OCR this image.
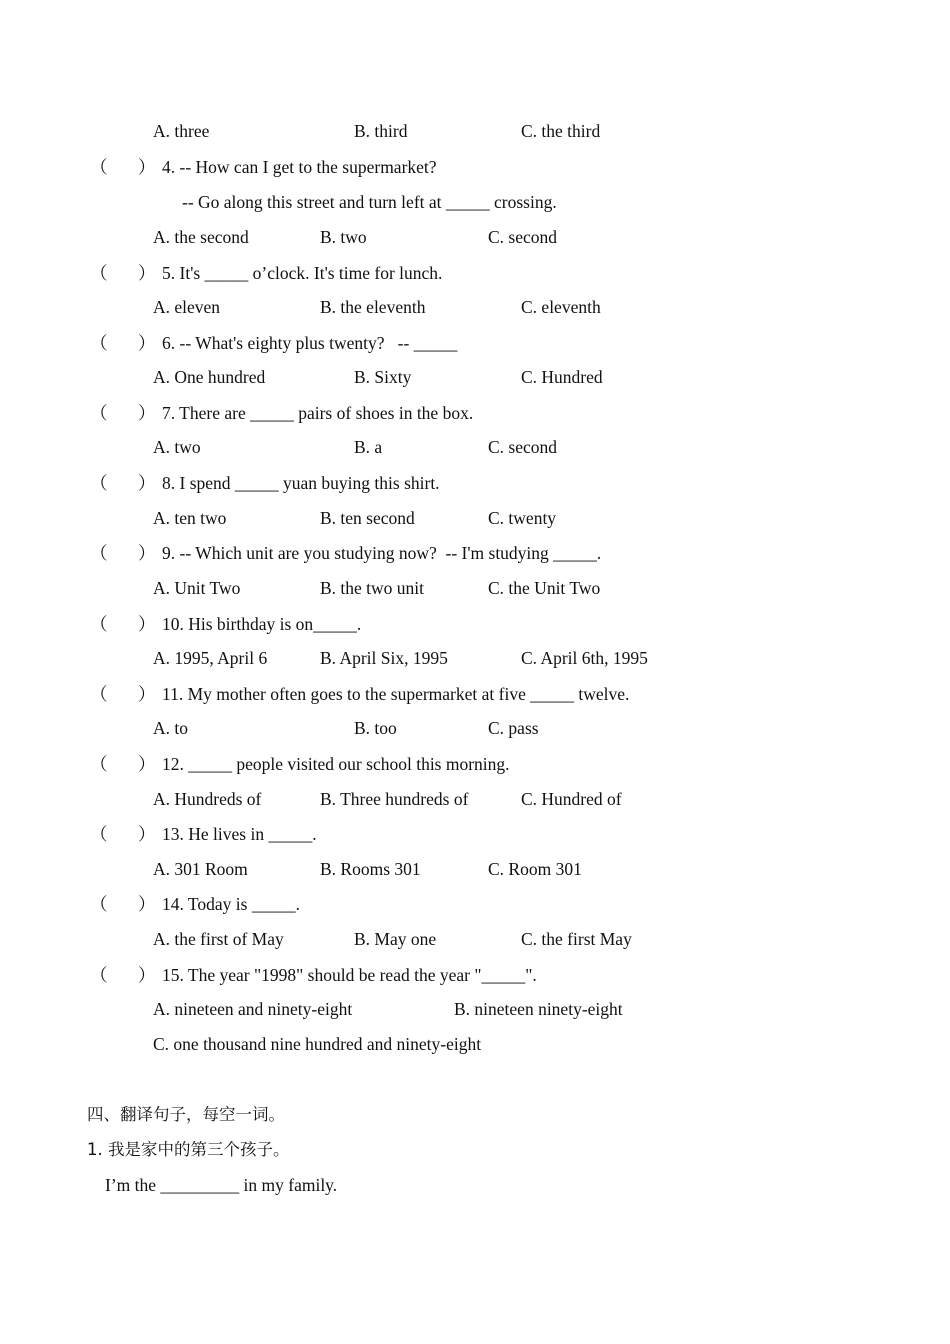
A. three	B. third	C. the third
（ ） 4. -- How can I get to the supermarket?
-- Go along this street and turn left at _____ crossing.
A. the second	B. two	C. second
（ ） 5. It's _____ o’clock. It's time for lunch.
A. eleven	B. the eleventh	C. eleventh
（ ） 6. -- What's eighty plus twenty?   -- _____
A. One hundred	B. Sixty	C. Hundred
（ ） 7. There are _____ pairs of shoes in the box.
A. two	B. a	C. second
（ ） 8. I spend _____ yuan buying this shirt.
A. ten two	B. ten second	C. twenty
（ ） 9. -- Which unit are you studying now?  -- I'm studying _____.
A. Unit Two	B. the two unit	C. the Unit Two
（ ） 10. His birthday is on_____.
A. 1995, April 6	B. April Six, 1995	C. April 6th, 1995
（ ） 11. My mother often goes to the supermarket at five _____ twelve.
A. to	B. too	C. pass
（ ） 12. _____ people visited our school this morning.
A. Hundreds of	B. Three hundreds of	C. Hundred of
（ ） 13. He lives in _____.
A. 301 Room	B. Rooms 301	C. Room 301
（ ） 14. Today is _____.
A. the first of May	B. May one	C. the first May
（ ） 15. The year "1998" should be read the year "_____".
A. nineteen and ninety-eight	B. nineteen ninety-eight
C. one thousand nine hundred and ninety-eight
四、翻译句子，每空一词。
1. 我是家中的第三个孩子。
I’m the _________ in my family.
